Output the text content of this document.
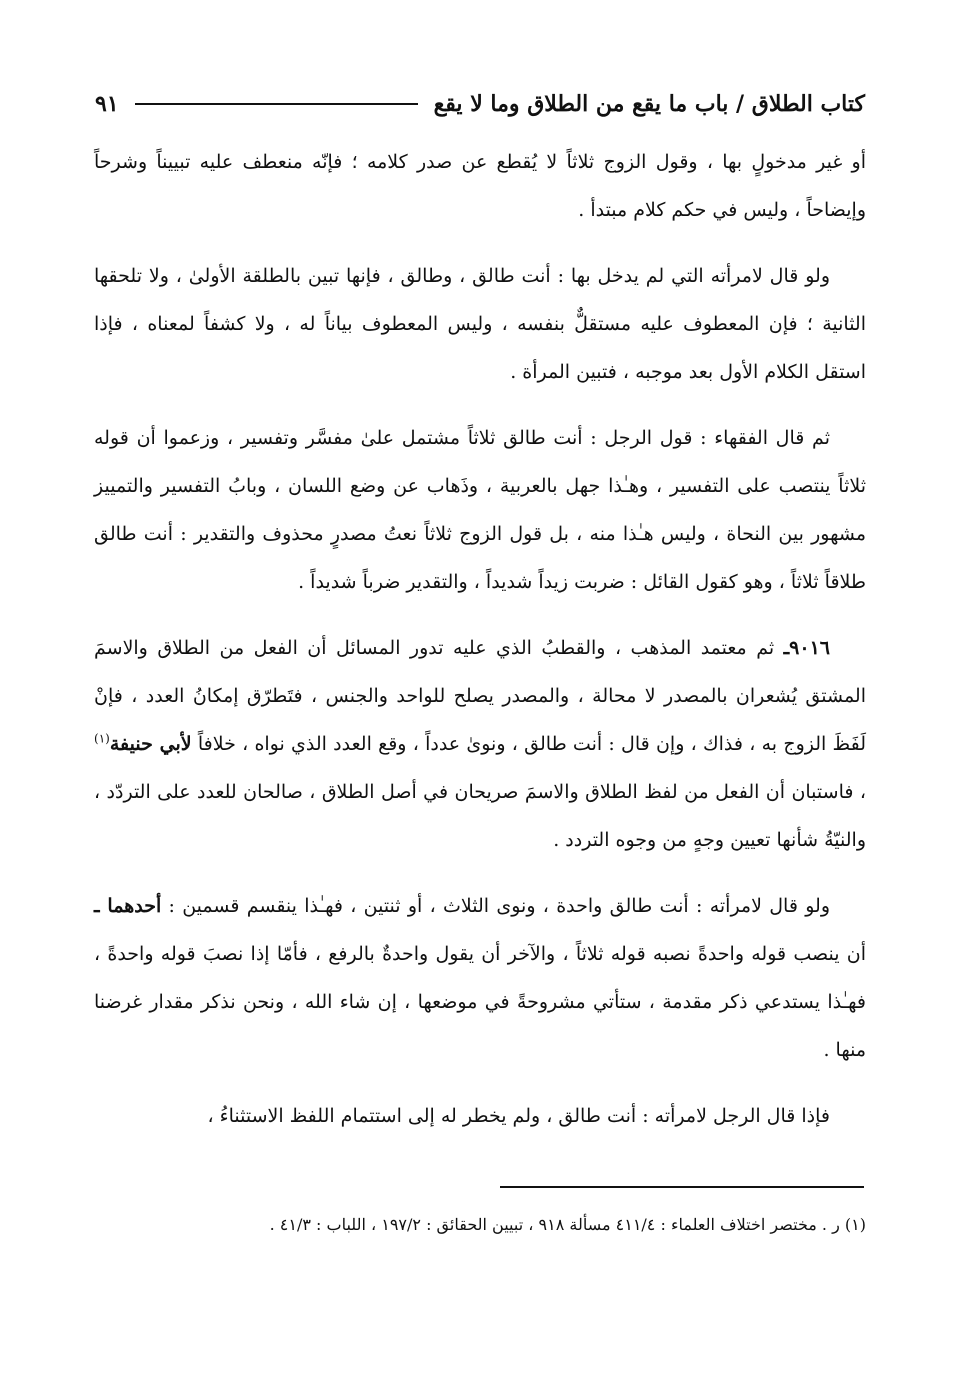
كتاب الطلاق / باب ما يقع من الطلاق وما لا يقع
٩١

أو غير مدخولٍ بها ، وقول الزوج ثلاثاً لا يُقطع عن صدر كلامه ؛ فإنّه منعطف عليه تبييناً وشرحاً وإيضاحاً ، وليس في حكم كلام مبتدأ .

ولو قال لامرأته التي لم يدخل بها : أنت طالق ، وطالق ، فإنها تبين بالطلقة الأولىٰ ، ولا تلحقها الثانية ؛ فإن المعطوف عليه مستقلٌّ بنفسه ، وليس المعطوف بياناً له ، ولا كشفاً لمعناه ، فإذا استقل الكلام الأول بعد موجبه ، فتبين المرأة .

ثم قال الفقهاء : قول الرجل : أنت طالق ثلاثاً مشتمل علىٰ مفسَّر وتفسير ، وزعموا أن قوله ثلاثاً ينتصب على التفسير ، وهـٰذا جهل بالعربية ، وذَهاب عن وضع اللسان ، وبابُ التفسير والتمييز مشهور بين النحاة ، وليس هـٰذا منه ، بل قول الزوج ثلاثاً نعتُ مصدرٍ محذوف والتقدير : أنت طالق طلاقاً ثلاثاً ، وهو كقول القائل : ضربت زيداً شديداً ، والتقدير ضرباً شديداً .

٩٠١٦ـ ثم معتمد المذهب ، والقطبُ الذي عليه تدور المسائل أن الفعل من الطلاق والاسمَ المشتق يُشعران بالمصدر لا محالة ، والمصدر يصلح للواحد والجنس ، فتَطرّق إمكانُ العدد ، فإنْ لَفَظَ الزوج به ، فذاك ، وإن قال : أنت طالق ، ونوىٰ عدداً ، وقع العدد الذي نواه ، خلافاً لأبي حنيفة$^{(١)}$ ، فاستبان أن الفعل من لفظ الطلاق والاسمَ صريحان في أصل الطلاق ، صالحان للعدد على التردّد ، والنيّةُ شأنها تعيين وجهٍ من وجوه التردد .

ولو قال لامرأته : أنت طالق واحدة ، ونوى الثلاث ، أو ثنتين ، فهـٰذا ينقسم قسمين : أحدهما ـ أن ينصب قوله واحدةً نصبه قوله ثلاثاً ، والآخر أن يقول واحدةٌ بالرفع ، فأمّا إذا نصبَ قوله واحدةً ، فهـٰذا يستدعي ذكر مقدمة ، ستأتي مشروحةً في موضعها ، إن شاء الله ، ونحن نذكر مقدار غرضنا منها .

فإذا قال الرجل لامرأته : أنت طالق ، ولم يخطر له إلى استتمام اللفظ الاستثناءُ ،

(١) ر . مختصر اختلاف العلماء : ٤١١/٤ مسألة ٩١٨ ، تبيين الحقائق : ١٩٧/٢ ، اللباب : ٤١/٣ .
